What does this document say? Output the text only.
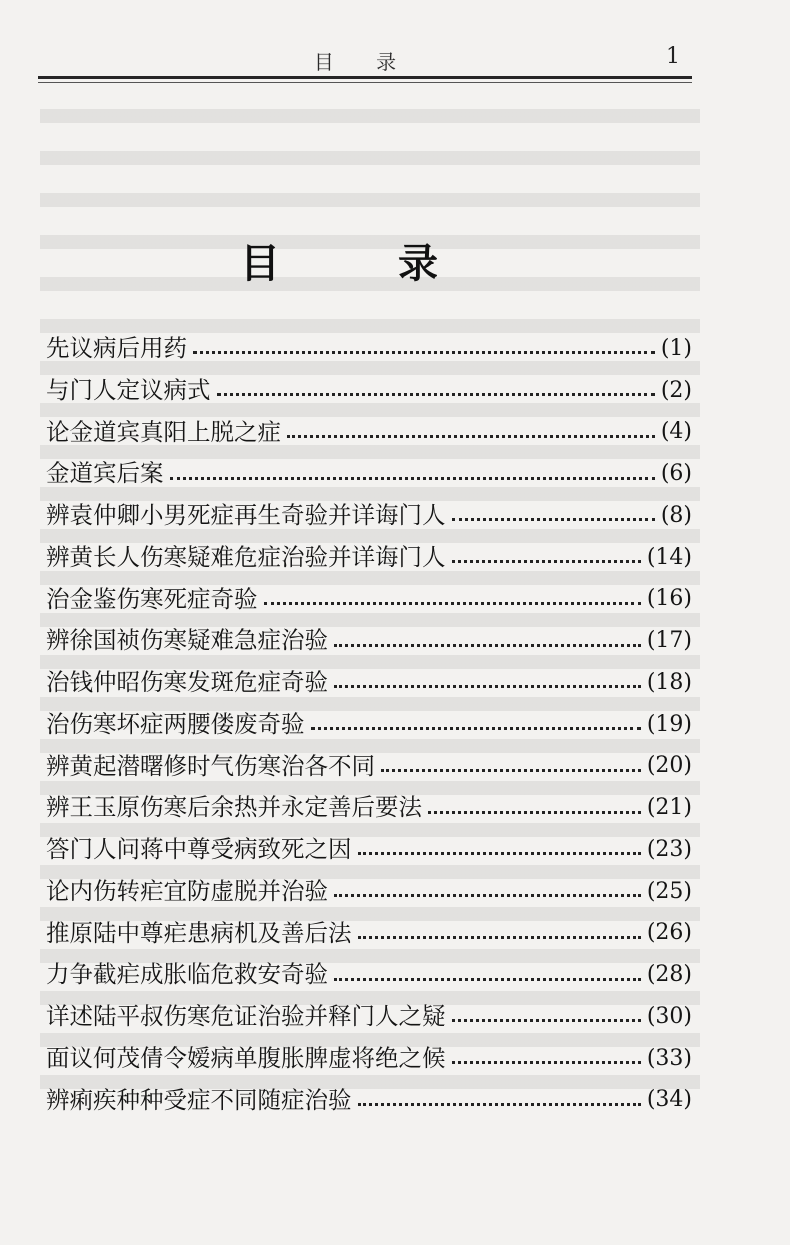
目 录	1
目 录
先议病后用药	(1)
与门人定议病式	(2)
论金道宾真阳上脱之症	(4)
金道宾后案	(6)
辨袁仲卿小男死症再生奇验并详诲门人	(8)
辨黄长人伤寒疑难危症治验并详诲门人	(14)
治金鉴伤寒死症奇验	(16)
辨徐国祯伤寒疑难急症治验	(17)
治钱仲昭伤寒发斑危症奇验	(18)
治伤寒坏症两腰偻废奇验	(19)
辨黄起潜曙修时气伤寒治各不同	(20)
辨王玉原伤寒后余热并永定善后要法	(21)
答门人问蒋中尊受病致死之因	(23)
论内伤转疟宜防虚脱并治验	(25)
推原陆中尊疟患病机及善后法	(26)
力争截疟成胀临危救安奇验	(28)
详述陆平叔伤寒危证治验并释门人之疑	(30)
面议何茂倩令嫒病单腹胀脾虚将绝之候	(33)
辨痢疾种种受症不同随症治验	(34)
